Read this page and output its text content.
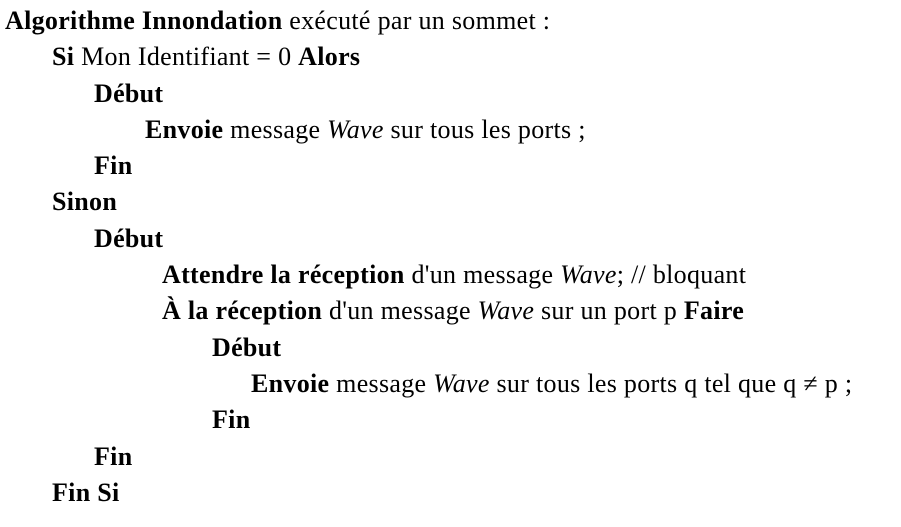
Algorithme Innondation exécuté par un sommet :
Si Mon Identifiant = 0 Alors
Début
Envoie message Wave sur tous les ports ;
Fin
Sinon
Début
Attendre la réception d'un message Wave; // bloquant
À la réception d'un message Wave sur un port p Faire
Début
Envoie message Wave sur tous les ports q tel que q ≠ p ;
Fin
Fin
Fin Si
